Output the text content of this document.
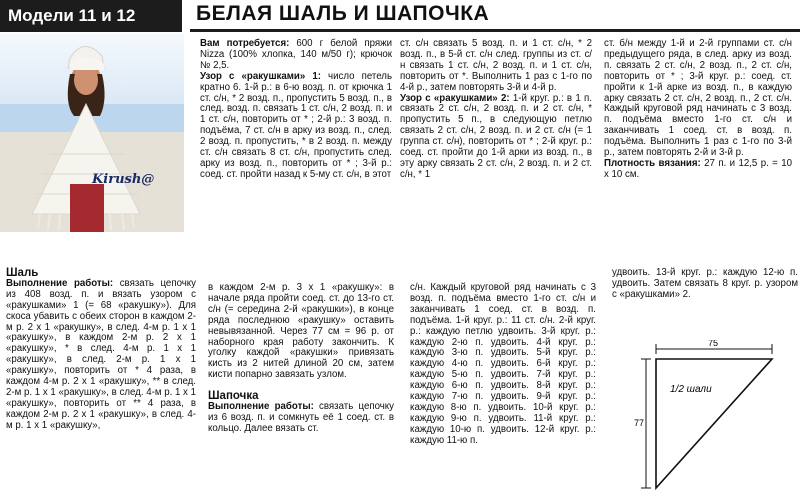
Модели 11 и 12	БЕЛАЯ ШАЛЬ И ШАПОЧКА
Kirush@

Вам потребуется: 600 г белой пряжи Nizza (100% хлопка, 140 м/50 г); крючок № 2,5.

Узор с «ракушками» 1: число петель кратно 6. 1-й р.: в 6-ю возд. п. от крючка 1 ст. с/н, * 2 возд. п., пропустить 5 возд. п., в след. возд. п. связать 1 ст. с/н, 2 возд. п. и 1 ст. с/н, повторить от * ; 2-й р.: 3 возд. п. подъёма, 7 ст. с/н в арку из возд. п., след. 2 возд. п. пропустить, * в 2 возд. п. между ст. с/н связать 8 ст. с/н, пропустить след. арку из возд. п., повторить от * ; 3-й р.: соед. ст. пройти назад к 5-му ст. с/н, в этот

ст. с/н связать 5 возд. п. и 1 ст. с/н, * 2 возд. п., в 5-й ст. с/н след. группы из ст. с/н связать 1 ст. с/н, 2 возд. п. и 1 ст. с/н, повторить от *. Выполнить 1 раз с 1-го по 4-й р., затем повторять 3-й и 4-й р.

Узор с «ракушками» 2: 1-й круг. р.: в 1 п. связать 2 ст. с/н, 2 возд. п. и 2 ст. с/н, * пропустить 5 п., в следующую петлю связать 2 ст. с/н, 2 возд. п. и 2 ст. с/н (= 1 группа ст. с/н), повторить от * ; 2-й круг. р.: соед. ст. пройти до 1-й арки из возд. п., в эту арку связать 2 ст. с/н, 2 возд. п. и 2 ст. с/н, * 1

ст. б/н между 1-й и 2-й группами ст. с/н предыдущего ряда, в след. арку из возд. п. связать 2 ст. с/н, 2 возд. п., 2 ст. с/н, повторить от * ; 3-й круг. р.: соед. ст. пройти к 1-й арке из возд. п., в каждую арку связать 2 ст. с/н, 2 возд. п., 2 ст. с/н. Каждый круговой ряд начинать с 3 возд. п. подъёма вместо 1-го ст. с/н и заканчивать 1 соед. ст. в возд. п. подъёма. Выполнить 1 раз с 1-го по 3-й р., затем повторять 2-й и 3-й р.

Плотность вязания: 27 п. и 12,5 р. = 10 х 10 см.

Шаль

Выполнение работы: связать цепочку из 408 возд. п. и вязать узором с «ракушками» 1 (= 68 «ракушку»). Для скоса убавить с обеих сторон в каждом 2-м р. 2 х 1 «ракушку», в след. 4-м р. 1 х 1 «ракушку», в каждом 2-м р. 2 х 1 «ракушку», * в след. 4-м р. 1 х 1 «ракушку», в след. 2-м р. 1 х 1 «ракушку», повторить от * 4 раза, в каждом 4-м р. 2 х 1 «ракушку», ** в след. 2-м р. 1 х 1 «ракушку», в след. 4-м р. 1 х 1 «ракушку», повторить от ** 4 раза, в каждом 2-м р. 2 х 1 «ракушку», в след. 4-м р. 1 х 1 «ракушку»,

в каждом 2-м р. 3 х 1 «ракушку»: в начале ряда пройти соед. ст. до 13-го ст. с/н (= середина 2-й «ракушки»), в конце ряда последнюю «ракушку» оставить невывязанной. Через 77 см = 96 р. от наборного края работу закончить. К уголку каждой «ракушки» привязать кисть из 2 нитей длиной 20 см, затем кисти попарно завязать узлом.

Шапочка

Выполнение работы: связать цепочку из 6 возд. п. и сомкнуть её 1 соед. ст. в кольцо. Далее вязать ст.

с/н. Каждый круговой ряд начинать с 3 возд. п. подъёма вместо 1-го ст. с/н и заканчивать 1 соед. ст. в возд. п. подъёма. 1-й круг. р.: 11 ст. с/н. 2-й круг. р.: каждую петлю удвоить. 3-й круг. р.: каждую 2-ю п. удвоить. 4-й круг. р.: каждую 3-ю п. удвоить. 5-й круг. р.: каждую 4-ю п. удвоить. 6-й круг. р.: каждую 5-ю п. удвоить. 7-й круг. р.: каждую 6-ю п. удвоить. 8-й круг. р.: каждую 7-ю п. удвоить. 9-й круг. р.: каждую 8-ю п. удвоить. 10-й круг. р.: каждую 9-ю п. удвоить. 11-й круг. р.: каждую 10-ю п. удвоить. 12-й круг. р.: каждую 11-ю п.

удвоить. 13-й круг. р.: каждую 12-ю п. удвоить. Затем связать 8 круг. р. узором с «ракушками» 2.

75
77
1/2 шали
